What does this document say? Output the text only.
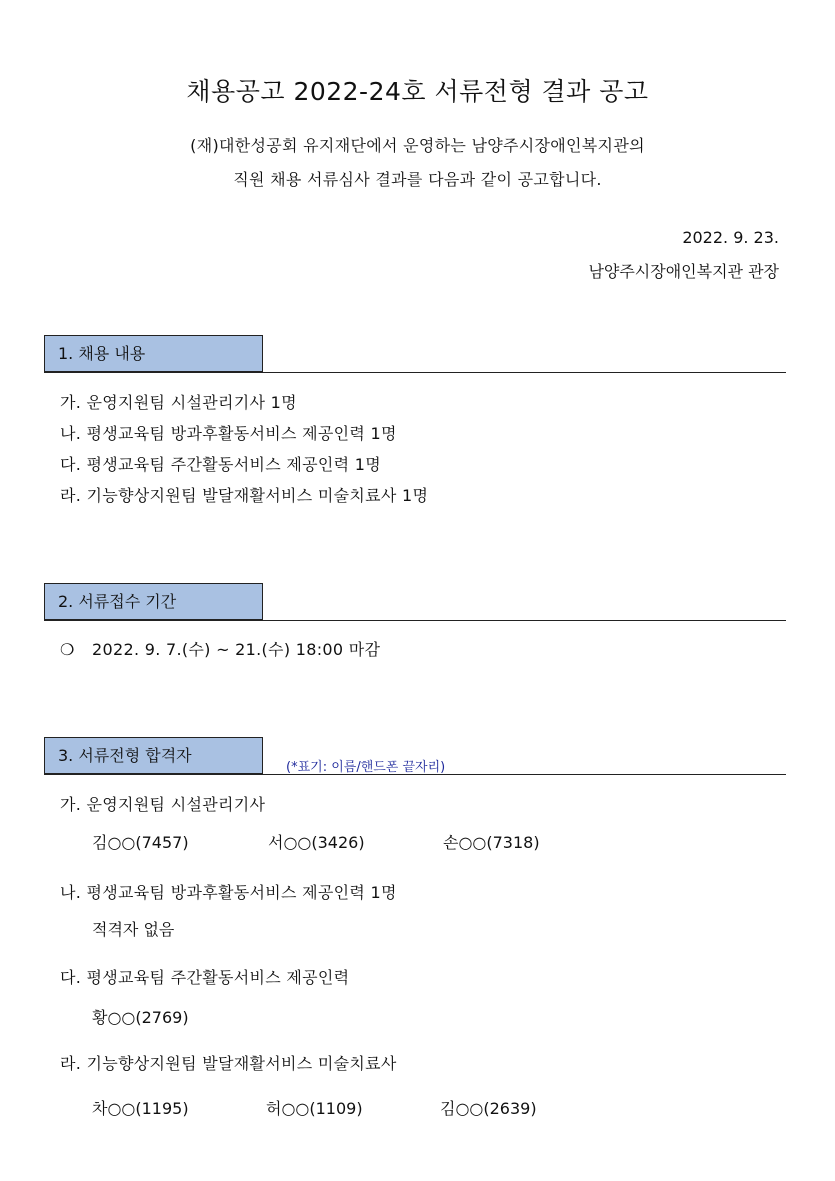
채용공고 2022-24호 서류전형 결과 공고
(재)대한성공회 유지재단에서 운영하는 남양주시장애인복지관의
직원 채용 서류심사 결과를 다음과 같이 공고합니다.
2022. 9. 23.
남양주시장애인복지관 관장
1. 채용 내용
가. 운영지원팀 시설관리기사 1명
나. 평생교육팀 방과후활동서비스 제공인력 1명
다. 평생교육팀 주간활동서비스 제공인력 1명
라. 기능향상지원팀 발달재활서비스 미술치료사 1명
2. 서류접수 기간
❍ 2022. 9. 7.(수) ~ 21.(수) 18:00 마감
3. 서류전형 합격자
(*표기: 이름/핸드폰 끝자리)
가. 운영지원팀 시설관리기사
김○○(7457)	서○○(3426)	손○○(7318)
나. 평생교육팀 방과후활동서비스 제공인력 1명
적격자 없음
다. 평생교육팀 주간활동서비스 제공인력
황○○(2769)
라. 기능향상지원팀 발달재활서비스 미술치료사
차○○(1195)	허○○(1109)	김○○(2639)
